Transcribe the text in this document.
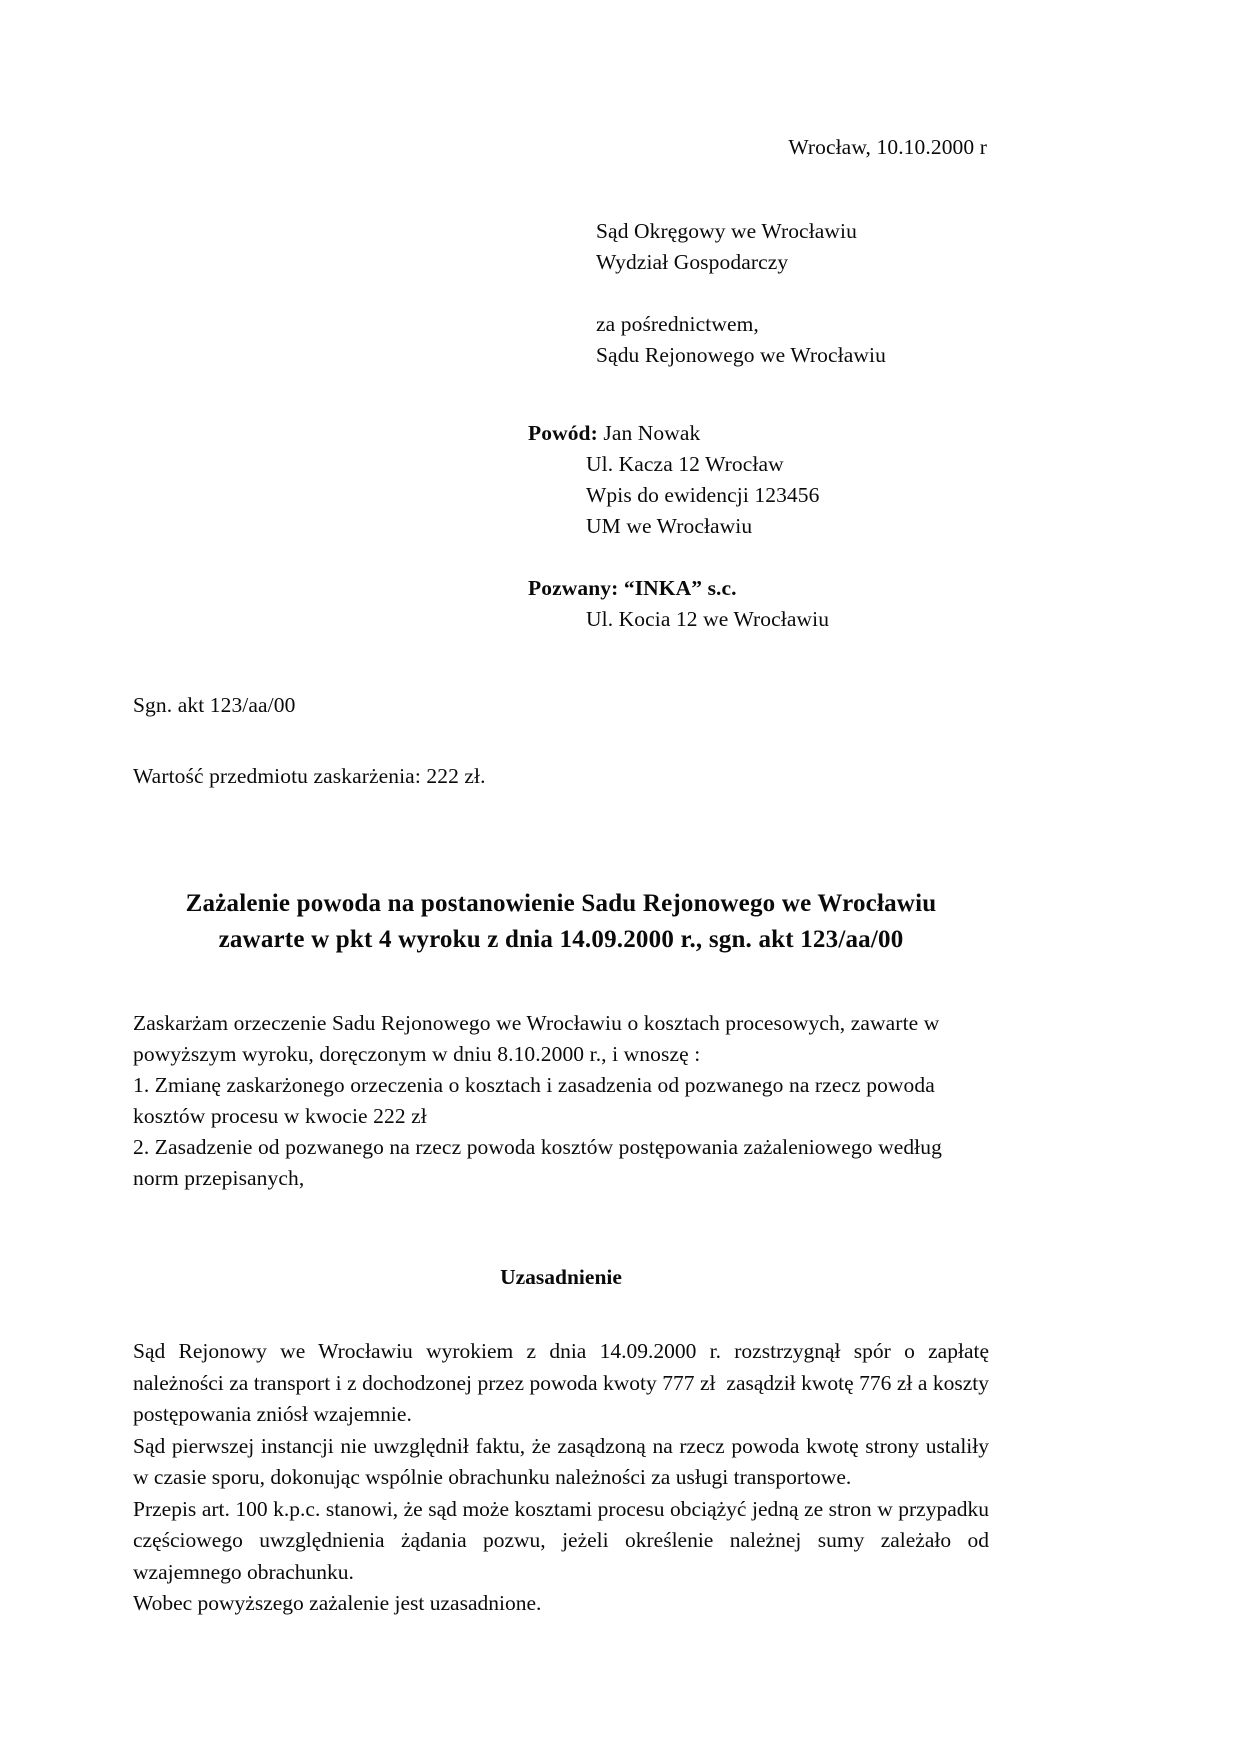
Wrocław, 10.10.2000 r
Sąd Okręgowy we Wrocławiu
Wydział Gospodarczy
za pośrednictwem,
Sądu Rejonowego we Wrocławiu
Powód: Jan Nowak
Ul. Kacza 12 Wrocław
Wpis do ewidencji 123456
UM we Wrocławiu
Pozwany: “INKA” s.c.
Ul. Kocia 12 we Wrocławiu
Sgn. akt 123/aa/00
Wartość przedmiotu zaskarżenia: 222 zł.
Zażalenie powoda na postanowienie Sadu Rejonowego we Wrocławiu
zawarte w pkt 4 wyroku z dnia 14.09.2000 r., sgn. akt 123/aa/00
Zaskarżam orzeczenie Sadu Rejonowego we Wrocławiu o kosztach procesowych, zawarte w
powyższym wyroku, doręczonym w dniu 8.10.2000 r., i wnoszę :
1. Zmianę zaskarżonego orzeczenia o kosztach i zasadzenia od pozwanego na rzecz powoda
kosztów procesu w kwocie 222 zł
2. Zasadzenie od pozwanego na rzecz powoda kosztów postępowania zażaleniowego według
norm przepisanych,
Uzasadnienie

Sąd Rejonowy we Wrocławiu wyrokiem z dnia 14.09.2000 r. rozstrzygnął spór o zapłatę należności za transport i z dochodzonej przez powoda kwoty 777 zł  zasądził kwotę 776 zł a koszty postępowania zniósł wzajemnie.

Sąd pierwszej instancji nie uwzględnił faktu, że zasądzoną na rzecz powoda kwotę strony ustaliły w czasie sporu, dokonując wspólnie obrachunku należności za usługi transportowe.

Przepis art. 100 k.p.c. stanowi, że sąd może kosztami procesu obciążyć jedną ze stron w przypadku częściowego uwzględnienia żądania pozwu, jeżeli określenie należnej sumy zależało od wzajemnego obrachunku.

Wobec powyższego zażalenie jest uzasadnione.
